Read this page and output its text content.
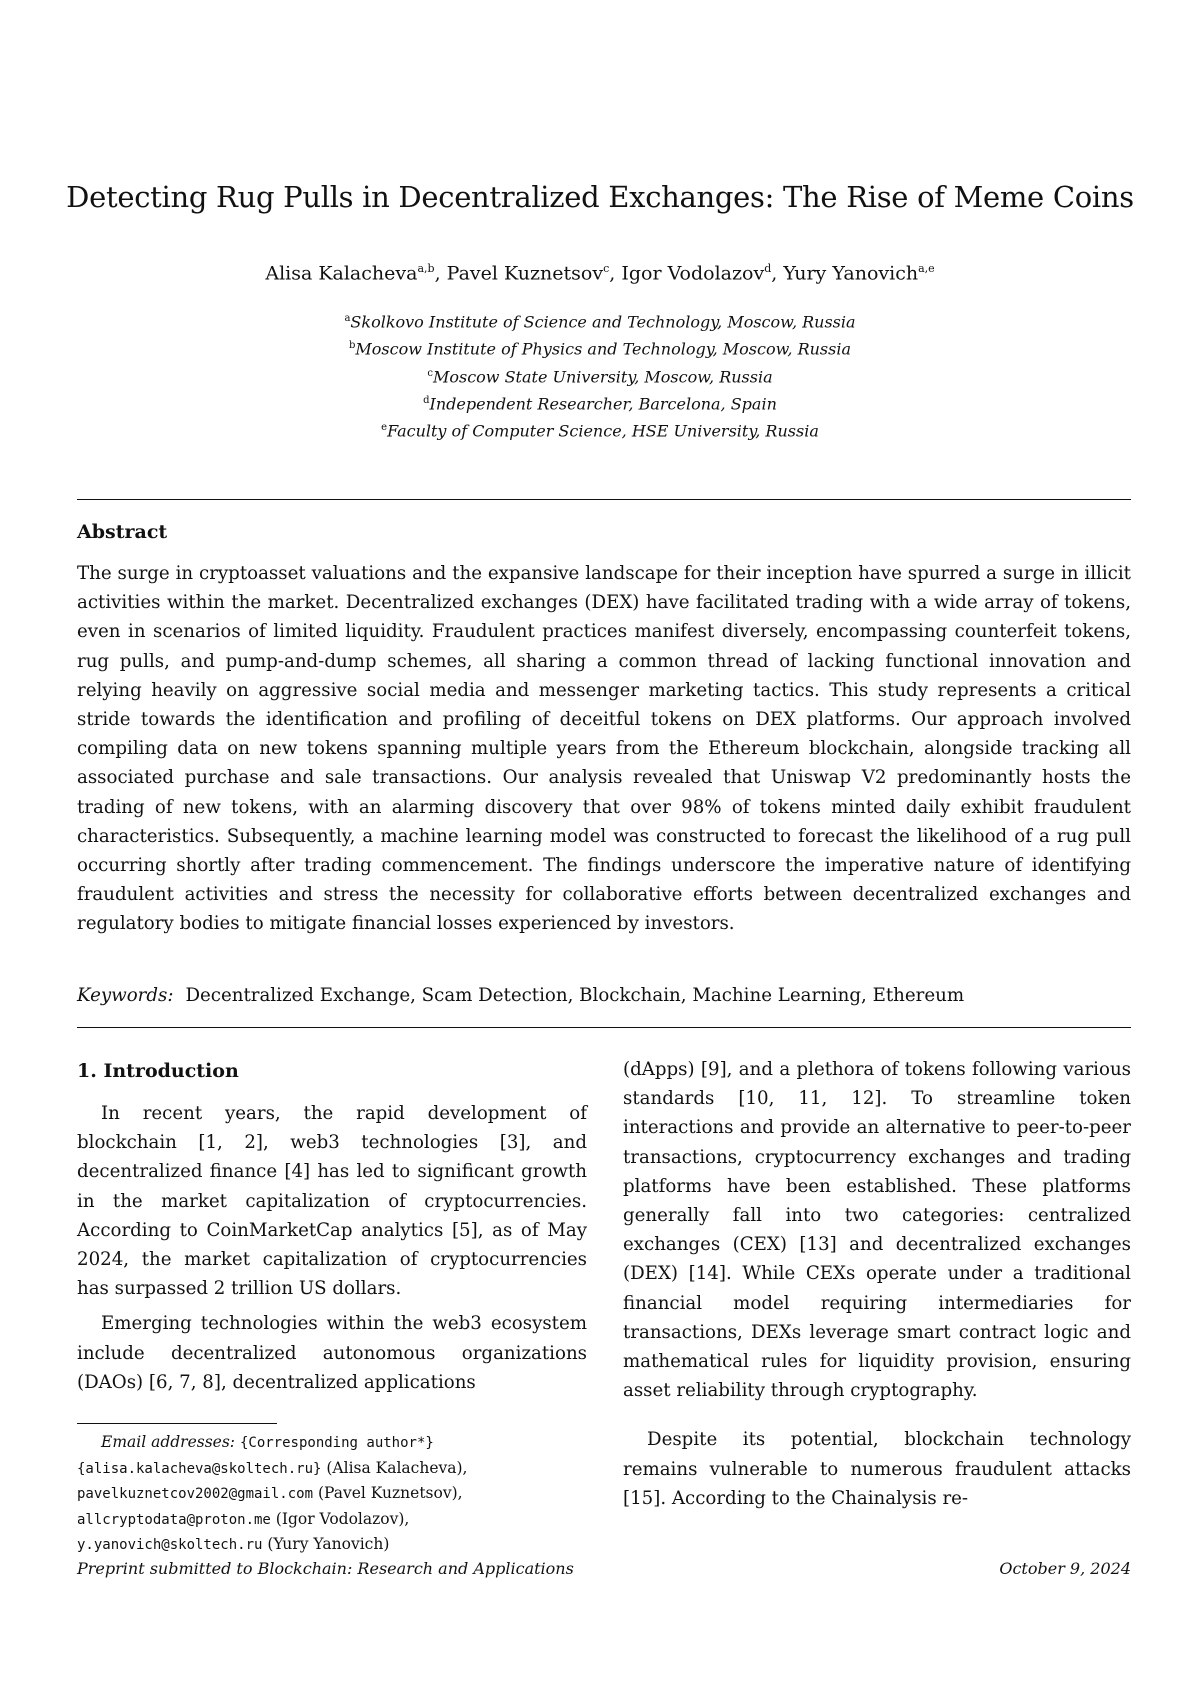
Detecting Rug Pulls in Decentralized Exchanges: The Rise of Meme Coins
Alisa Kalacheva$^{a,b}$, Pavel Kuznetsov$^c$, Igor Vodolazov$^d$, Yury Yanovich$^{a,e}$
$^a$Skolkovo Institute of Science and Technology, Moscow, Russia
$^b$Moscow Institute of Physics and Technology, Moscow, Russia
$^c$Moscow State University, Moscow, Russia
$^d$Independent Researcher, Barcelona, Spain
$^e$Faculty of Computer Science, HSE University, Russia
Abstract
The surge in cryptoasset valuations and the expansive landscape for their inception have spurred a surge in illicit activities within the market. Decentralized exchanges (DEX) have facilitated trading with a wide array of tokens, even in scenarios of limited liquidity. Fraudulent practices manifest diversely, encompassing counterfeit tokens, rug pulls, and pump-and-dump schemes, all sharing a common thread of lacking functional innovation and relying heavily on aggressive social media and messenger marketing tactics. This study represents a critical stride towards the identification and profiling of deceitful tokens on DEX platforms. Our approach involved compiling data on new tokens spanning multiple years from the Ethereum blockchain, alongside tracking all associated purchase and sale transactions. Our analysis revealed that Uniswap V2 predominantly hosts the trading of new tokens, with an alarming discovery that over 98% of tokens minted daily exhibit fraudulent characteristics. Subsequently, a machine learning model was constructed to forecast the likelihood of a rug pull occurring shortly after trading commencement. The findings underscore the imperative nature of identifying fraudulent activities and stress the necessity for collaborative efforts between decentralized exchanges and regulatory bodies to mitigate financial losses experienced by investors.
Keywords: Decentralized Exchange, Scam Detection, Blockchain, Machine Learning, Ethereum
1. Introduction

In recent years, the rapid development of blockchain [1, 2], web3 technologies [3], and decentralized finance [4] has led to significant growth in the market capitalization of cryptocurrencies. According to CoinMarketCap analytics [5], as of May 2024, the market capitalization of cryptocurrencies has surpassed 2 trillion US dollars.

Emerging technologies within the web3 ecosystem include decentralized autonomous organizations (DAOs) [6, 7, 8], decentralized applications

(dApps) [9], and a plethora of tokens following various standards [10, 11, 12]. To streamline token interactions and provide an alternative to peer-to-peer transactions, cryptocurrency exchanges and trading platforms have been established. These platforms generally fall into two categories: centralized exchanges (CEX) [13] and decentralized exchanges (DEX) [14]. While CEXs operate under a traditional financial model requiring intermediaries for transactions, DEXs leverage smart contract logic and mathematical rules for liquidity provision, ensuring asset reliability through cryptography.

Despite its potential, blockchain technology remains vulnerable to numerous fraudulent attacks [15]. According to the Chainalysis re-

Email addresses: {Corresponding author*}{alisa.kalacheva@skoltech.ru} (Alisa Kalacheva), pavelkuznetcov2002@gmail.com (Pavel Kuznetsov), allcryptodata@proton.me (Igor Vodolazov), y.yanovich@skoltech.ru (Yury Yanovich)
Preprint submitted to Blockchain: Research and Applications	October 9, 2024
